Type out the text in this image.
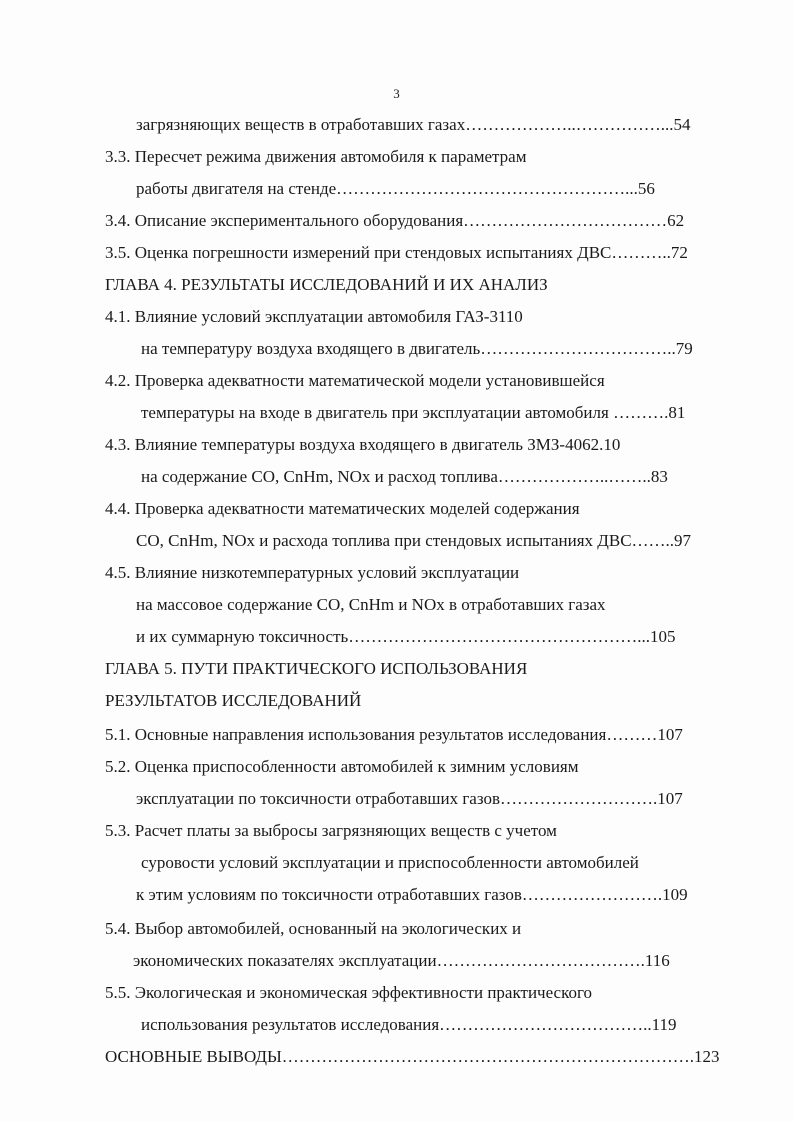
3
загрязняющих веществ в отработавших газах………………..……………...54
3.3. Пересчет режима движения автомобиля к параметрам
работы двигателя на стенде……………………………………………...56
3.4. Описание экспериментального оборудования………………………………62
3.5. Оценка погрешности измерений при стендовых испытаниях ДВС………..72
ГЛАВА 4. РЕЗУЛЬТАТЫ ИССЛЕДОВАНИЙ И ИХ АНАЛИЗ
4.1. Влияние условий эксплуатации автомобиля ГАЗ-3110
на температуру воздуха входящего в двигатель……………………………..79
4.2. Проверка адекватности математической модели установившейся
температуры на входе в двигатель при эксплуатации автомобиля ……….81
4.3. Влияние температуры воздуха входящего в двигатель ЗМЗ-4062.10
на содержание СО, СnHm, NOx и расход топлива………………..……..83
4.4. Проверка адекватности математических моделей содержания
СО, СnHm, NOx и расхода топлива при стендовых испытаниях ДВС……..97
4.5. Влияние низкотемпературных условий эксплуатации
на массовое содержание СО, СnHm и NOx в отработавших газах
и их суммарную токсичность……………………………………………...105
ГЛАВА 5. ПУТИ ПРАКТИЧЕСКОГО ИСПОЛЬЗОВАНИЯ
РЕЗУЛЬТАТОВ ИССЛЕДОВАНИЙ
5.1. Основные направления использования результатов исследования………107
5.2. Оценка приспособленности автомобилей к зимним условиям
эксплуатации по токсичности отработавших газов……………………….107
5.3. Расчет платы за выбросы загрязняющих веществ с учетом
суровости условий эксплуатации и приспособленности автомобилей
к этим условиям по токсичности отработавших газов…………………….109
5.4. Выбор автомобилей, основанный на экологических и
экономических показателях эксплуатации……………………………….116
5.5. Экологическая и экономическая эффективности практического
использования результатов исследования………………………………..119
ОСНОВНЫЕ ВЫВОДЫ……………………………………………………………….123
